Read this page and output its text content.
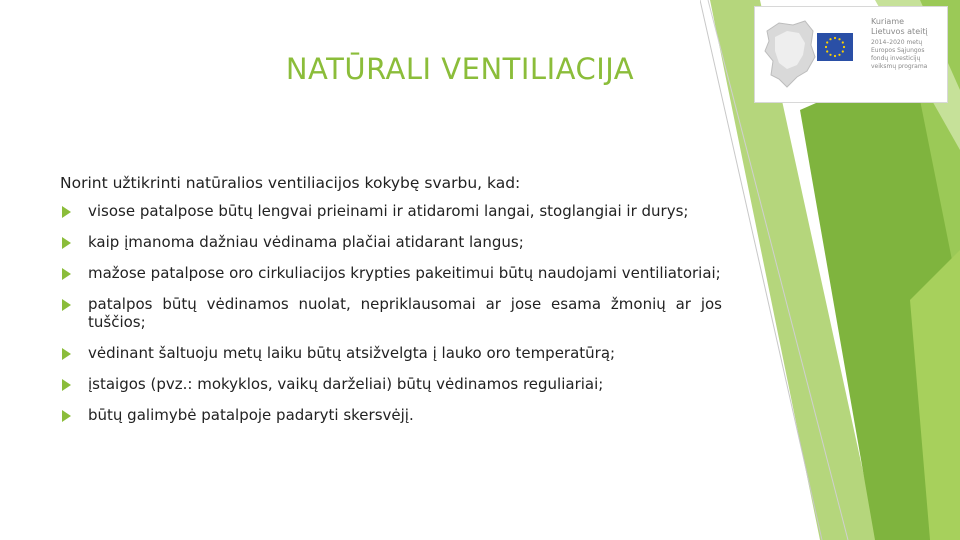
NATŪRALI VENTILIACIJA

Norint užtikrinti natūralios ventiliacijos kokybę svarbu, kad:

visose patalpose būtų lengvai prieinami ir atidaromi langai, stoglangiai ir durys;
kaip įmanoma dažniau vėdinama plačiai atidarant langus;
mažose patalpose oro cirkuliacijos krypties pakeitimui būtų naudojami ventiliatoriai;
patalpos būtų vėdinamos nuolat, nepriklausomai ar jose esama žmonių ar jos tuščios;
vėdinant šaltuoju metų laiku būtų atsižvelgta į lauko oro temperatūrą;
įstaigos (pvz.: mokyklos, vaikų darželiai) būtų vėdinamos reguliariai;
būtų galimybė patalpoje padaryti skersvėjį.
Kuriame
Lietuvos ateitį
2014–2020 metų
Europos Sąjungos
fondų investicijų
veiksmų programa
